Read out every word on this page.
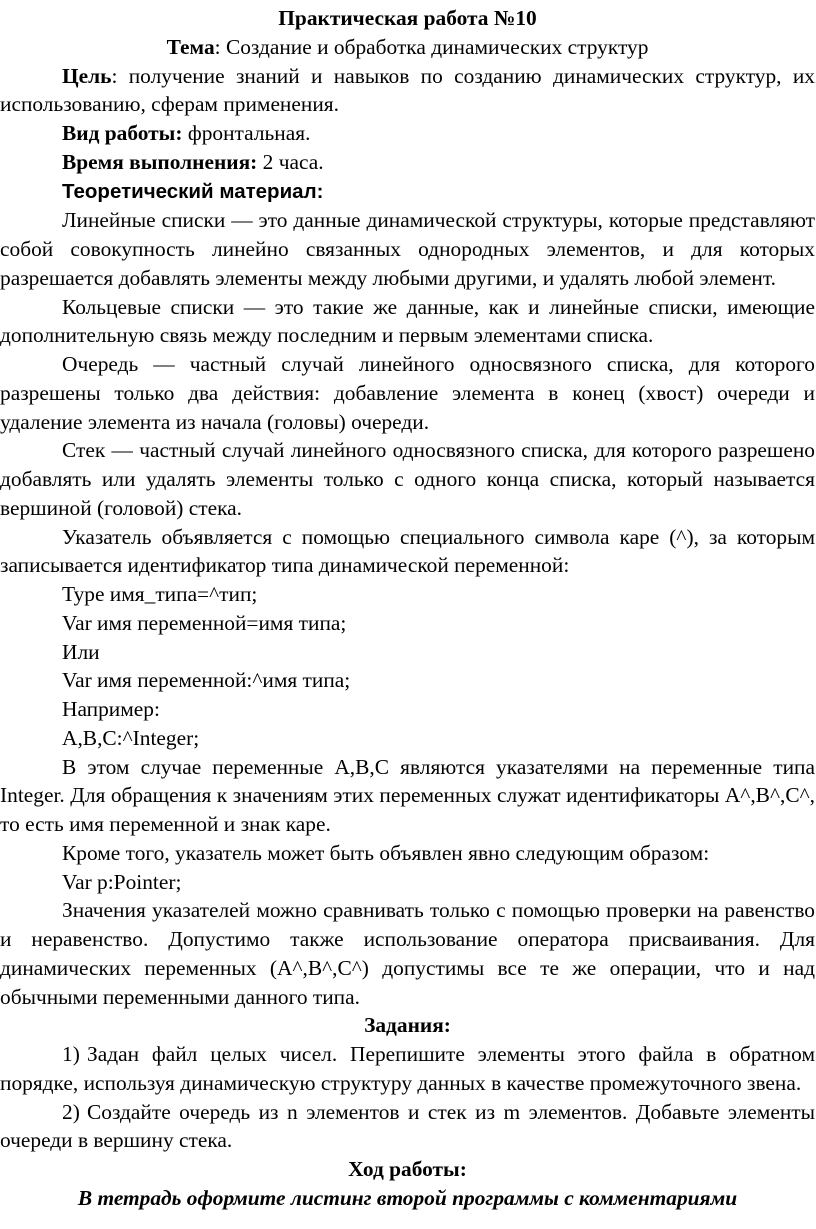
Практическая работа №10

Тема: Создание и обработка динамических структур

Цель: получение знаний и навыков по созданию динамических структур, их использованию, сферам применения.

Вид работы: фронтальная.

Время выполнения: 2 часа.

Теоретический материал:

Линейные списки — это данные динамической структуры, которые представляют собой совокупность линейно связанных однородных элементов, и для которых разрешается добавлять элементы между любыми другими, и удалять любой элемент.

Кольцевые списки — это такие же данные, как и линейные списки, имеющие дополнительную связь между последним и первым элементами списка.

Очередь — частный случай линейного односвязного списка, для которого разрешены только два действия: добавление элемента в конец (хвост) очереди и удаление элемента из начала (головы) очереди.

Стек — частный случай линейного односвязного списка, для которого разрешено добавлять или удалять элементы только с одного конца списка, который называется вершиной (головой) стека.

Указатель объявляется с помощью специального символа каре (^), за которым записывается идентификатор типа динамической переменной:

Type имя_типа=^тип;

Var имя переменной=имя типа;

Или

Var имя переменной:^имя типа;

Например:

A,B,C:^Integer;

В этом случае переменные A,B,C являются указателями на переменные типа Integer. Для обращения к значениям этих переменных служат идентификаторы A^,B^,C^, то есть имя переменной и знак каре.

Кроме того, указатель может быть объявлен явно следующим образом:

Var p:Pointer;

Значения указателей можно сравнивать только с помощью проверки на равенство и неравенство. Допустимо также использование оператора присваивания. Для динамических переменных (A^,B^,C^) допустимы все те же операции, что и над обычными переменными данного типа.

Задания:

1) Задан файл целых чисел. Перепишите элементы этого файла в обратном порядке, используя динамическую структуру данных в качестве промежуточного звена.

2) Создайте очередь из n элементов и стек из m элементов. Добавьте элементы очереди в вершину стека.

Ход работы:

В тетрадь оформите листинг второй программы с комментариями
